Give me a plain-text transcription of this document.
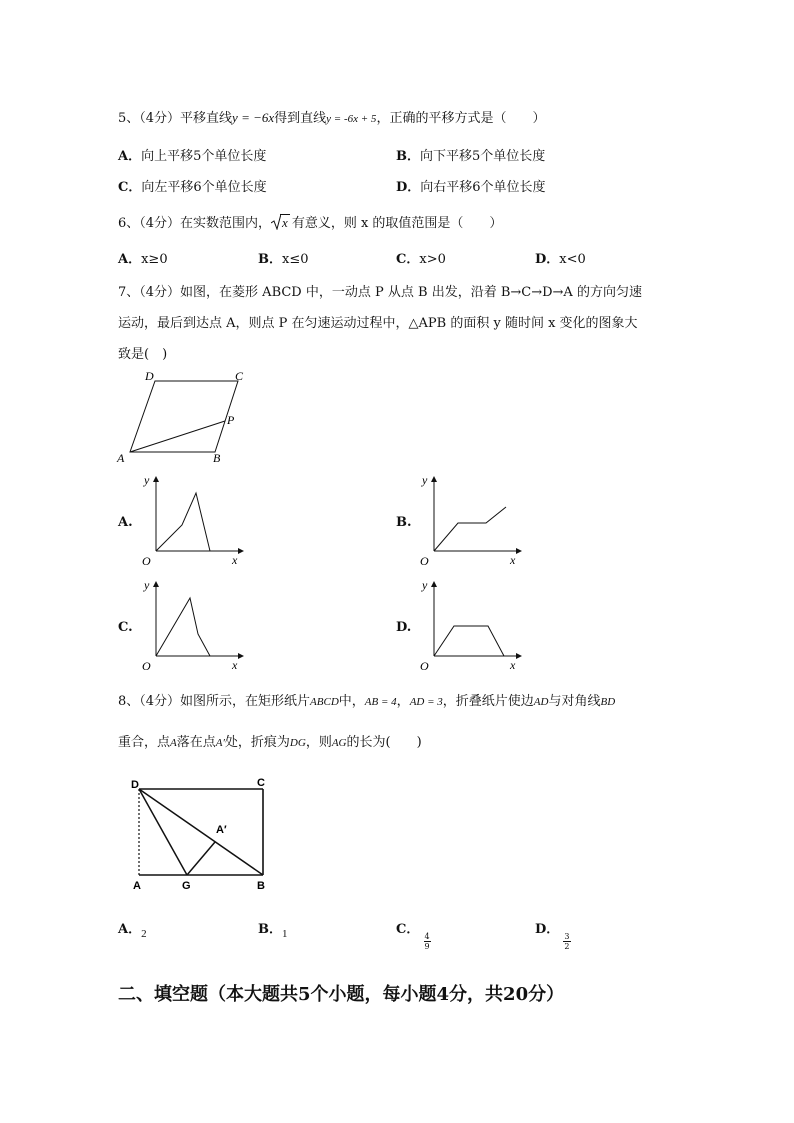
5、（4分）平移直线y = −6x得到直线y = -6x + 5，正确的平移方式是（　　）
A．向上平移5个单位长度	B．向下平移5个单位长度
C．向左平移6个单位长度	D．向右平移6个单位长度
6、（4分）在实数范围内， x 有意义，则 x 的取值范围是（　　）
A．x≥0	B．x≤0	C．x>0	D．x<0
7、（4分）如图，在菱形 ABCD 中，一动点 P 从点 B 出发，沿着 B→C→D→A 的方向匀速
运动，最后到达点 A，则点 P 在匀速运动过程中，△APB 的面积 y 随时间 x 变化的图象大
致是(　)
A	B
C
D
P
A.
y
x
O
B.
y
x
O
C.
y
x
O
D.
y
x
O
8、（4分）如图所示，在矩形纸片ABCD中，AB = 4，AD = 3，折叠纸片使边AD与对角线BD
重合，点A落在点A′处，折痕为DG，则AG的长为(　　)
D	C
A	G	B
A′
A．$_2$	B．$_1$	C．
$\frac{4}{9}$
D．
$\frac{3}{2}$
二、填空题（本大题共5个小题，每小题4分，共20分）
